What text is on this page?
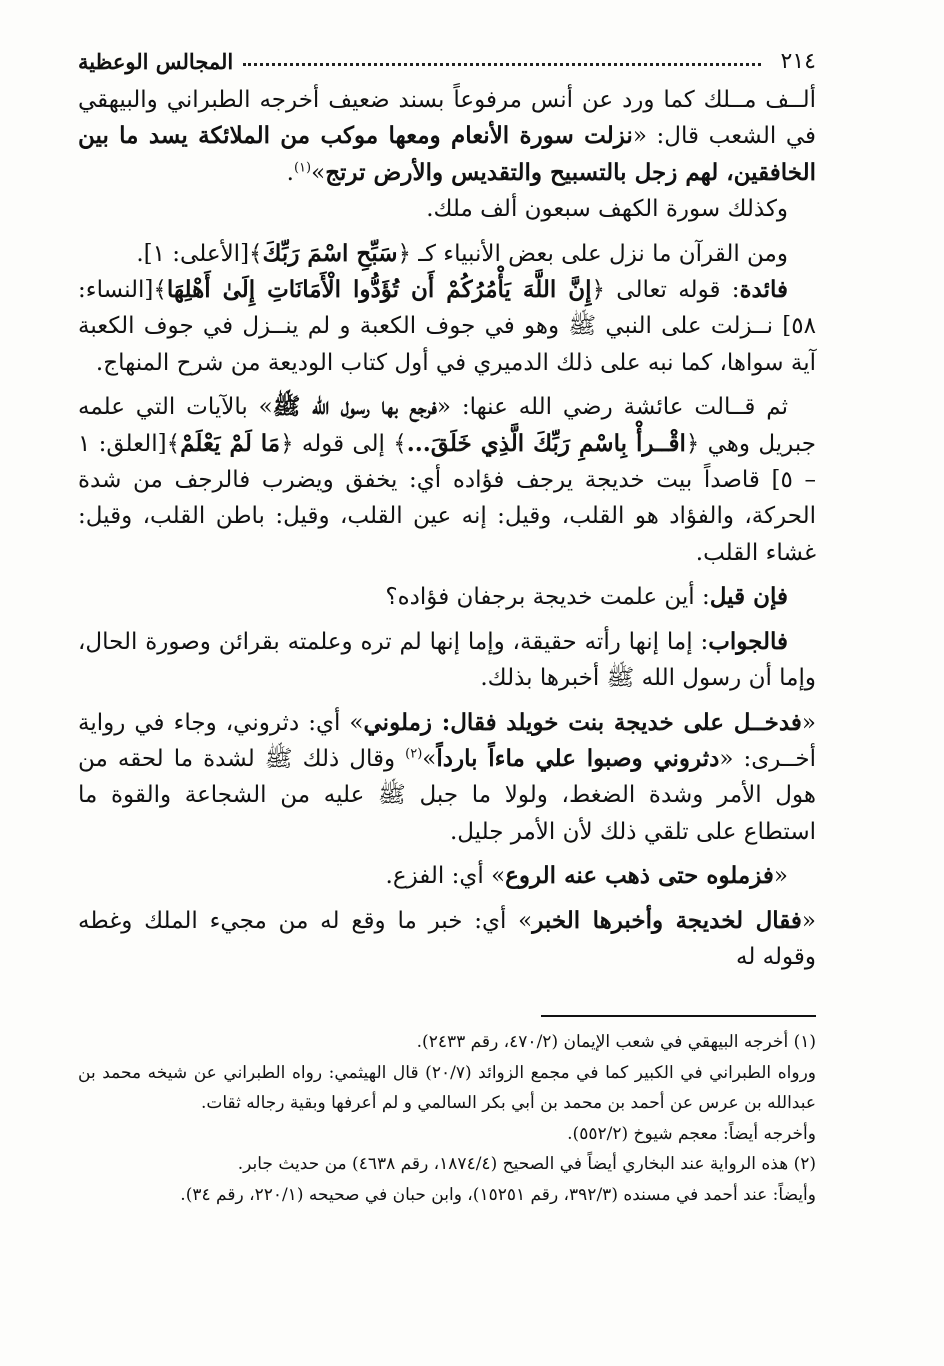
٢١٤
المجالس الوعظية

ألــف مــلك كما ورد عن أنس مرفوعاً بسند ضعيف أخرجه الطبراني والبيهقي في الشعب قال: «نزلت سورة الأنعام ومعها موكب من الملائكة يسد ما بين الخافقين، لهم زجل بالتسبيح والتقديس والأرض ترتج»$^{(١)}$.

وكذلك سورة الكهف سبعون ألف ملك.

ومن القرآن ما نزل على بعض الأنبياء كـ ﴿سَبِّحِ اسْمَ رَبِّكَ﴾[الأعلى: ١].

فائدة: قوله تعالى ﴿إِنَّ اللَّهَ يَأْمُرُكُمْ أَن تُؤَدُّوا الْأَمَانَاتِ إِلَىٰ أَهْلِهَا﴾[النساء: ٥٨] نــزلت على النبي ﷺ وهو في جوف الكعبة و لم ينــزل في جوف الكعبة آية سواها، كما نبه على ذلك الدميري في أول كتاب الوديعة من شرح المنهاج.

ثم قــالت عائشة رضي الله عنها: «فرجع بها رسول الله ﷺ» بالآيات التي علمه جبريل وهي ﴿اقْــرأْ بِاسْمِ رَبِّكَ الَّذِي خَلَقَ...﴾ إلى قوله ﴿مَا لَمْ يَعْلَمْ﴾[العلق: ١ – ٥] قاصداً بيت خديجة يرجف فؤاده أي: يخفق ويضرب فالرجف من شدة الحركة، والفؤاد هو القلب، وقيل: إنه عين القلب، وقيل: باطن القلب، وقيل: غشاء القلب.

فإن قيل: أين علمت خديجة برجفان فؤاده؟

فالجواب: إما إنها رأته حقيقة، وإما إنها لم تره وعلمته بقرائن وصورة الحال، وإما أن رسول الله ﷺ أخبرها بذلك.

«فدخــل على خديجة بنت خويلد فقال: زملوني» أي: دثروني، وجاء في رواية أخــرى: «دثروني وصبوا علي ماءاً بارداً»$^{(٢)}$ وقال ذلك ﷺ لشدة ما لحقه من هول الأمر وشدة الضغط، ولولا ما جبل ﷺ عليه من الشجاعة والقوة ما استطاع على تلقي ذلك لأن الأمر جليل.

«فزملوه حتى ذهب عنه الروع» أي: الفزع.

«فقال لخديجة وأخبرها الخبر» أي: خبر ما وقع له من مجيء الملك وغطه وقوله له

(١) أخرجه البيهقي في شعب الإيمان (٤٧٠/٢، رقم ٢٤٣٣).

ورواه الطبراني في الكبير كما في مجمع الزوائد (٢٠/٧) قال الهيثمي: رواه الطبراني عن شيخه محمد بن عبدالله بن عرس عن أحمد بن محمد بن أبي بكر السالمي و لم أعرفها وبقية رجاله ثقات.

وأخرجه أيضاً: معجم شيوخ (٥٥٢/٢).

(٢) هذه الرواية عند البخاري أيضاً في الصحيح (١٨٧٤/٤، رقم ٤٦٣٨) من حديث جابر.

وأيضاً: عند أحمد في مسنده (٣٩٢/٣، رقم ١٥٢٥١)، وابن حبان في صحيحه (٢٢٠/١، رقم ٣٤).
